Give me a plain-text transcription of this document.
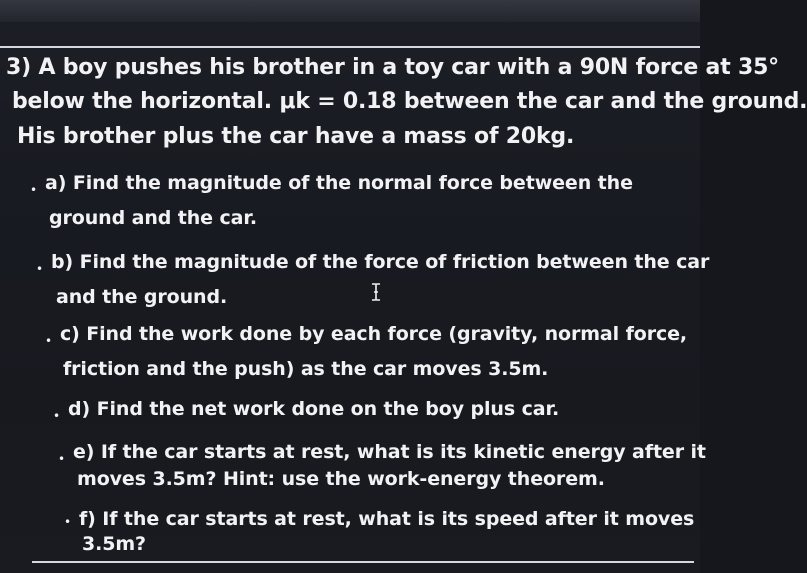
3) A boy pushes his brother in a toy car with a 90N force at 35°
below the horizontal. μk = 0.18 between the car and the ground.
His brother plus the car have a mass of 20kg.
• a) Find the magnitude of the normal force between the
ground and the car.
• b) Find the magnitude of the force of friction between the car
and the ground.
• c) Find the work done by each force (gravity, normal force,
friction and the push) as the car moves 3.5m.
• d) Find the net work done on the boy plus car.
• e) If the car starts at rest, what is its kinetic energy after it
moves 3.5m? Hint: use the work-energy theorem.
• f) If the car starts at rest, what is its speed after it moves
3.5m?
